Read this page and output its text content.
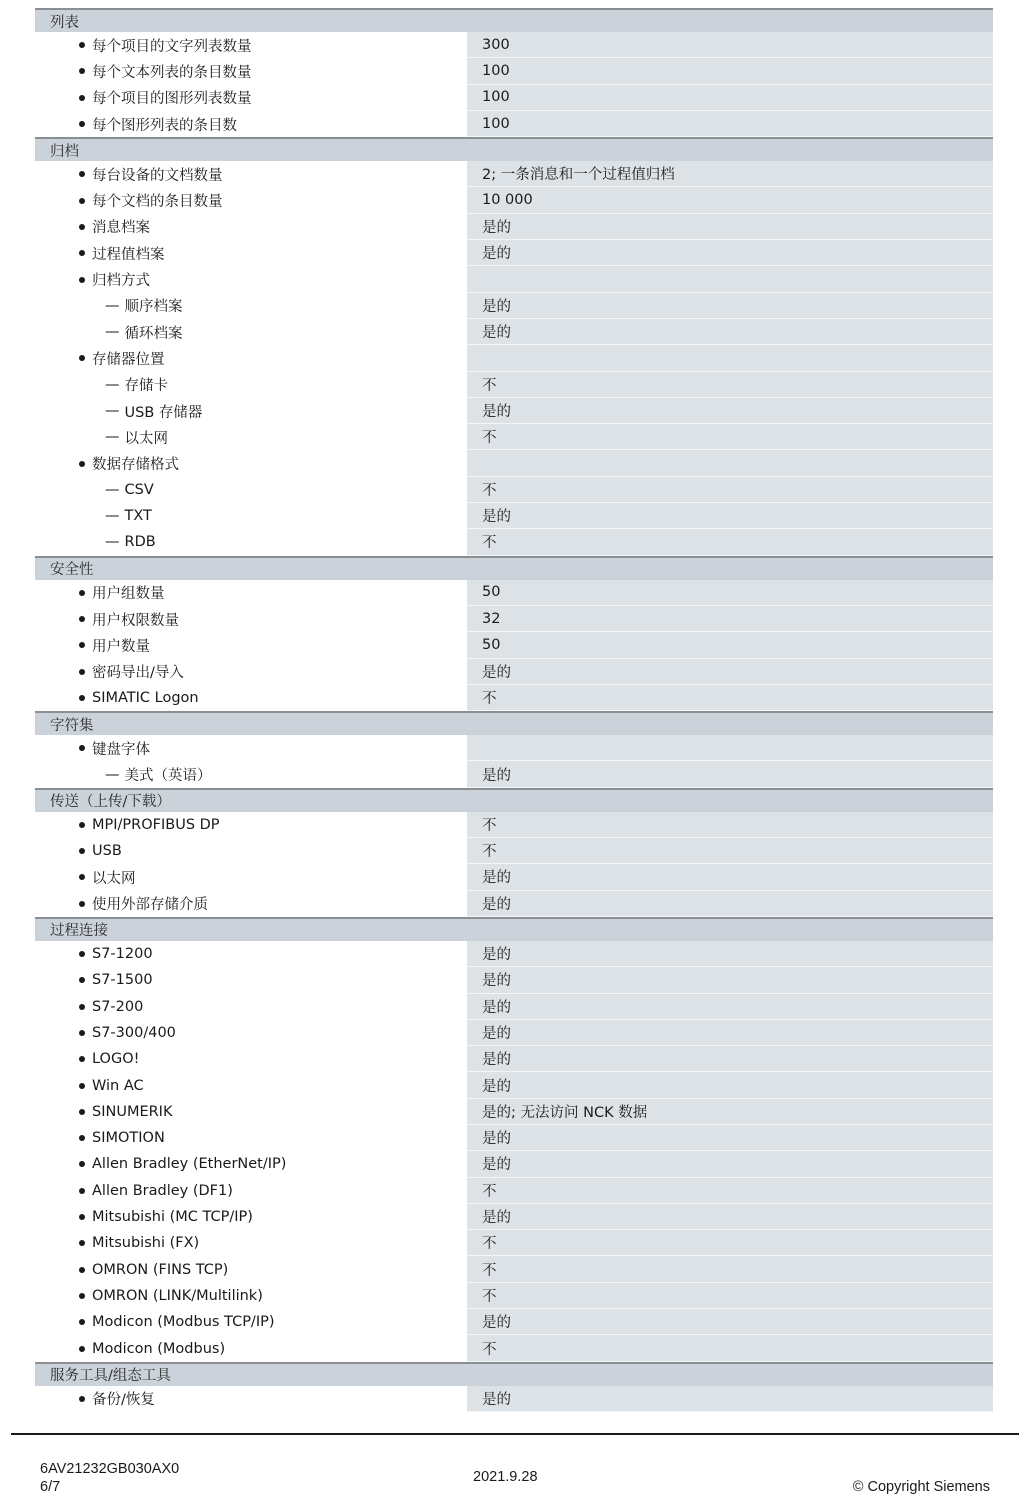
列表
每个项目的文字列表数量	300
每个文本列表的条目数量	100
每个项目的图形列表数量	100
每个图形列表的条目数	100
归档
每台设备的文档数量	2; 一条消息和一个过程值归档
每个文档的条目数量	10 000
消息档案	是的
过程值档案	是的
归档方式
— 顺序档案	是的
— 循环档案	是的
存储器位置
— 存储卡	不
— USB 存储器	是的
— 以太网	不
数据存储格式
— CSV	不
— TXT	是的
— RDB	不
安全性
用户组数量	50
用户权限数量	32
用户数量	50
密码导出/导入	是的
SIMATIC Logon	不
字符集
键盘字体
— 美式（英语）	是的
传送（上传/下载）
MPI/PROFIBUS DP	不
USB	不
以太网	是的
使用外部存储介质	是的
过程连接
S7-1200	是的
S7-1500	是的
S7-200	是的
S7-300/400	是的
LOGO!	是的
Win AC	是的
SINUMERIK	是的; 无法访问 NCK 数据
SIMOTION	是的
Allen Bradley (EtherNet/IP)	是的
Allen Bradley (DF1)	不
Mitsubishi (MC TCP/IP)	是的
Mitsubishi (FX)	不
OMRON (FINS TCP)	不
OMRON (LINK/Multilink)	不
Modicon (Modbus TCP/IP)	是的
Modicon (Modbus)	不
服务工具/组态工具
备份/恢复	是的
6AV21232GB030AX0
6/7
2021.9.28
© Copyright Siemens
